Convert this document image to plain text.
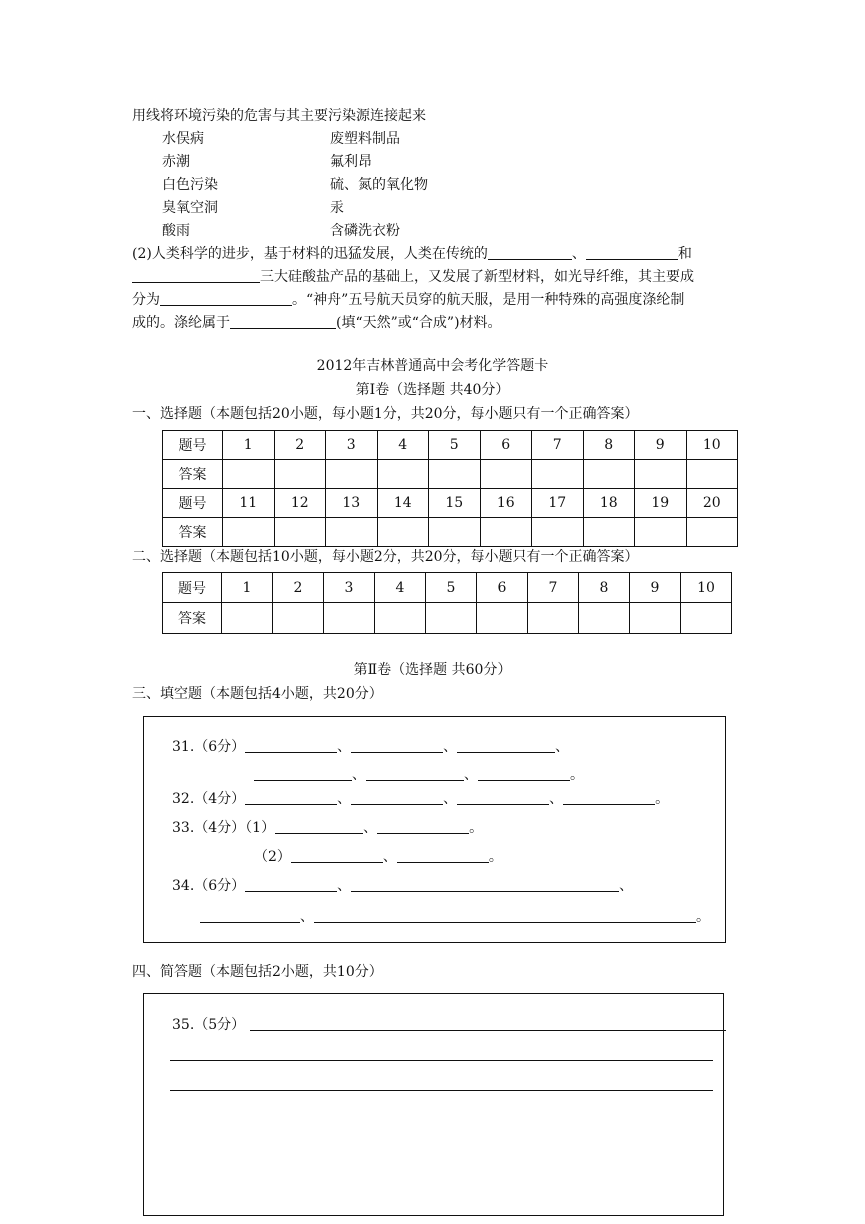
用线将环境污染的危害与其主要污染源连接起来
水俣病	废塑料制品
赤潮	氟利昂
白色污染	硫、氮的氧化物
臭氧空洞	汞
酸雨	含磷洗衣粉
(2)人类科学的进步，基于材料的迅猛发展，人类在传统的	、	和
三大硅酸盐产品的基础上，又发展了新型材料，如光导纤维，其主要成
分为	。“神舟”五号航天员穿的航天服，是用一种特殊的高强度涤纶制
成的。涤纶属于	(填“天然”或“合成”)材料。
2012年吉林普通高中会考化学答题卡
第Ⅰ卷（选择题 共40分）
一、选择题（本题包括20小题，每小题1分，共20分，每小题只有一个正确答案）
题号	1	2	3	4	5	6	7	8	9	10
答案										
题号	11	12	13	14	15	16	17	18	19	20
答案										
二、选择题（本题包括10小题，每小题2分，共20分，每小题只有一个正确答案）
题号	1	2	3	4	5	6	7	8	9	10
答案										
第Ⅱ卷（选择题 共60分）
三、填空题（本题包括4小题，共20分）
31.（6分）	、	、	、
、	、	。
32.（4分）	、	、	、	。
33.（4分）（1）	、	。
（2）	、	。
34.（6分）	、	、
、	。
四、简答题（本题包括2小题，共10分）
35.（5分）
